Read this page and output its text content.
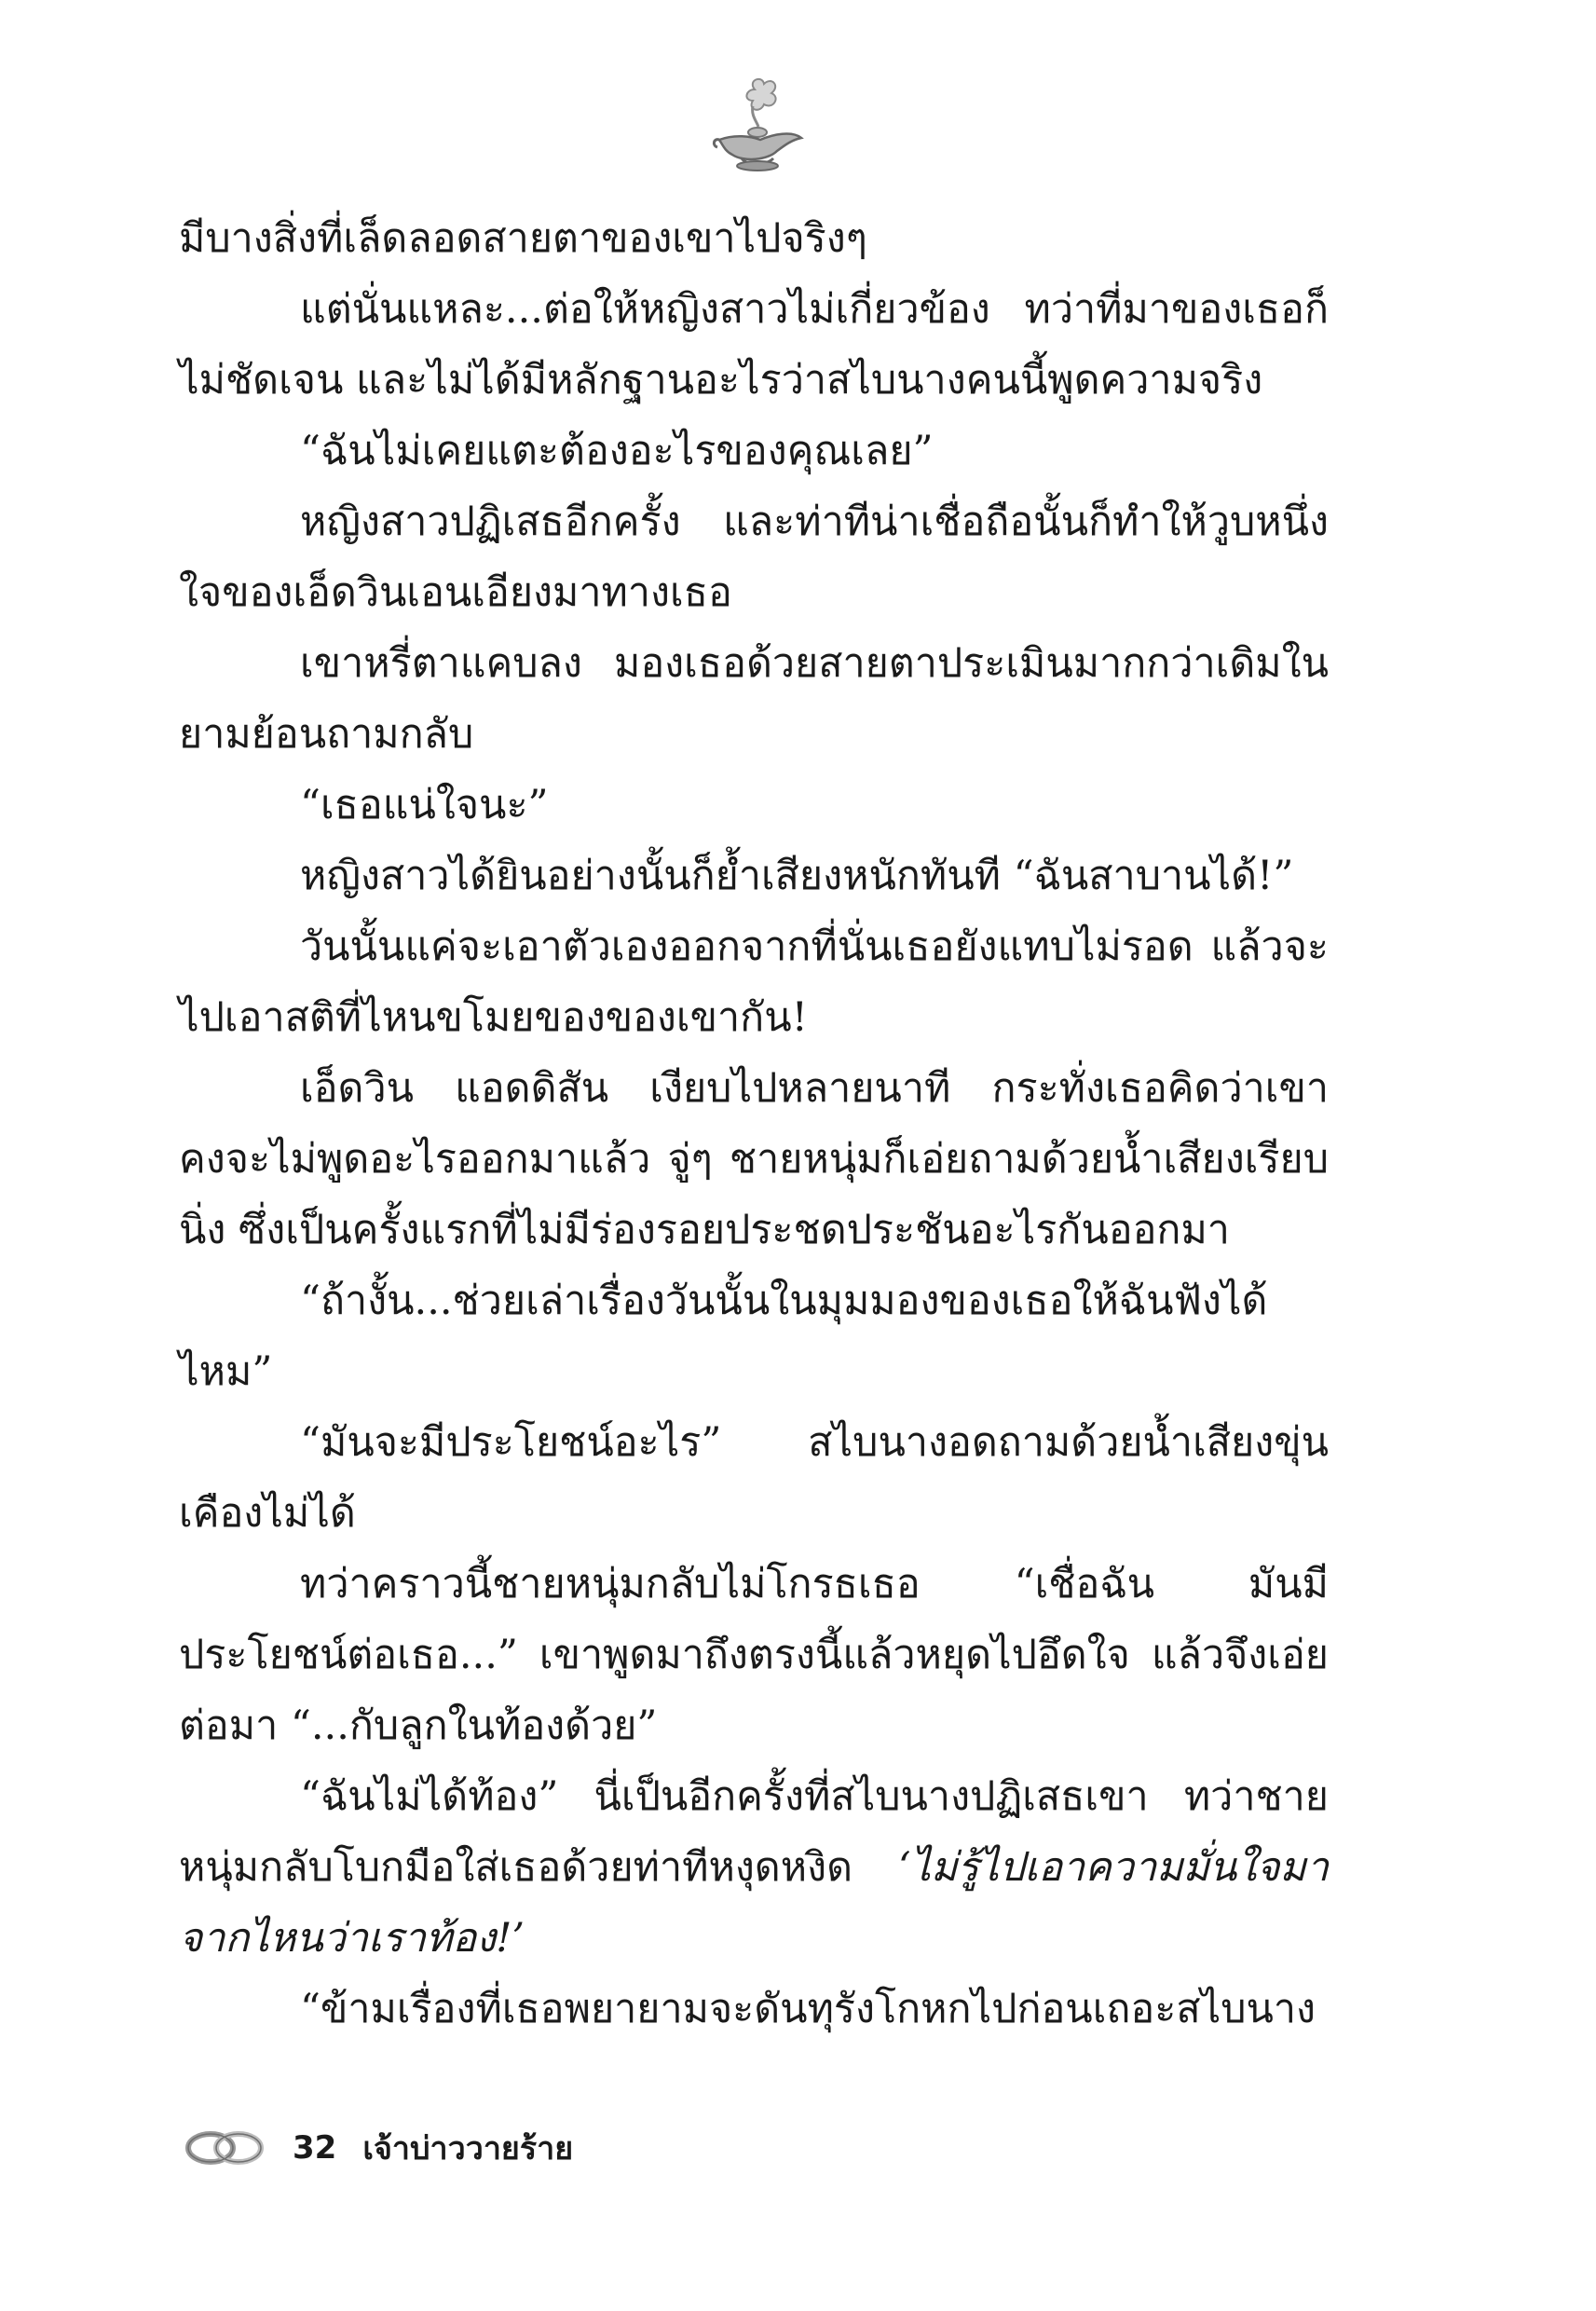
มีบางสิ่งที่เล็ดลอดสายตาของเขาไปจริงๆ

แต่นั่นแหละ...ต่อให้หญิงสาวไม่เกี่ยวข้อง ทว่าที่มาของเธอก็ไม่ชัดเจน และไม่ได้มีหลักฐานอะไรว่าสไบนางคนนี้พูดความจริง

“ฉันไม่เคยแตะต้องอะไรของคุณเลย”

หญิงสาวปฏิเสธอีกครั้ง และท่าทีน่าเชื่อถือนั้นก็ทำให้วูบหนึ่งใจของเอ็ดวินเอนเอียงมาทางเธอ

เขาหรี่ตาแคบลง มองเธอด้วยสายตาประเมินมากกว่าเดิมในยามย้อนถามกลับ

“เธอแน่ใจนะ”

หญิงสาวได้ยินอย่างนั้นก็ย้ำเสียงหนักทันที “ฉันสาบานได้!”

วันนั้นแค่จะเอาตัวเองออกจากที่นั่นเธอยังแทบไม่รอด แล้วจะไปเอาสติที่ไหนขโมยของของเขากัน!

เอ็ดวิน แอดดิสัน เงียบไปหลายนาที กระทั่งเธอคิดว่าเขาคงจะไม่พูดอะไรออกมาแล้ว จู่ๆ ชายหนุ่มก็เอ่ยถามด้วยน้ำเสียงเรียบนิ่ง ซึ่งเป็นครั้งแรกที่ไม่มีร่องรอยประชดประชันอะไรกันออกมา

“ถ้างั้น...ช่วยเล่าเรื่องวันนั้นในมุมมองของเธอให้ฉันฟังได้ไหม”

“มันจะมีประโยชน์อะไร” สไบนางอดถามด้วยน้ำเสียงขุ่นเคืองไม่ได้

ทว่าคราวนี้ชายหนุ่มกลับไม่โกรธเธอ “เชื่อฉัน มันมีประโยชน์ต่อเธอ...” เขาพูดมาถึงตรงนี้แล้วหยุดไปอึดใจ แล้วจึงเอ่ยต่อมา “...กับลูกในท้องด้วย”

“ฉันไม่ได้ท้อง” นี่เป็นอีกครั้งที่สไบนางปฏิเสธเขา ทว่าชายหนุ่มกลับโบกมือใส่เธอด้วยท่าทีหงุดหงิด ‘ไม่รู้ไปเอาความมั่นใจมาจากไหนว่าเราท้อง!’

“ข้ามเรื่องที่เธอพยายามจะดันทุรังโกหกไปก่อนเถอะสไบนาง

32 เจ้าบ่าววายร้าย
